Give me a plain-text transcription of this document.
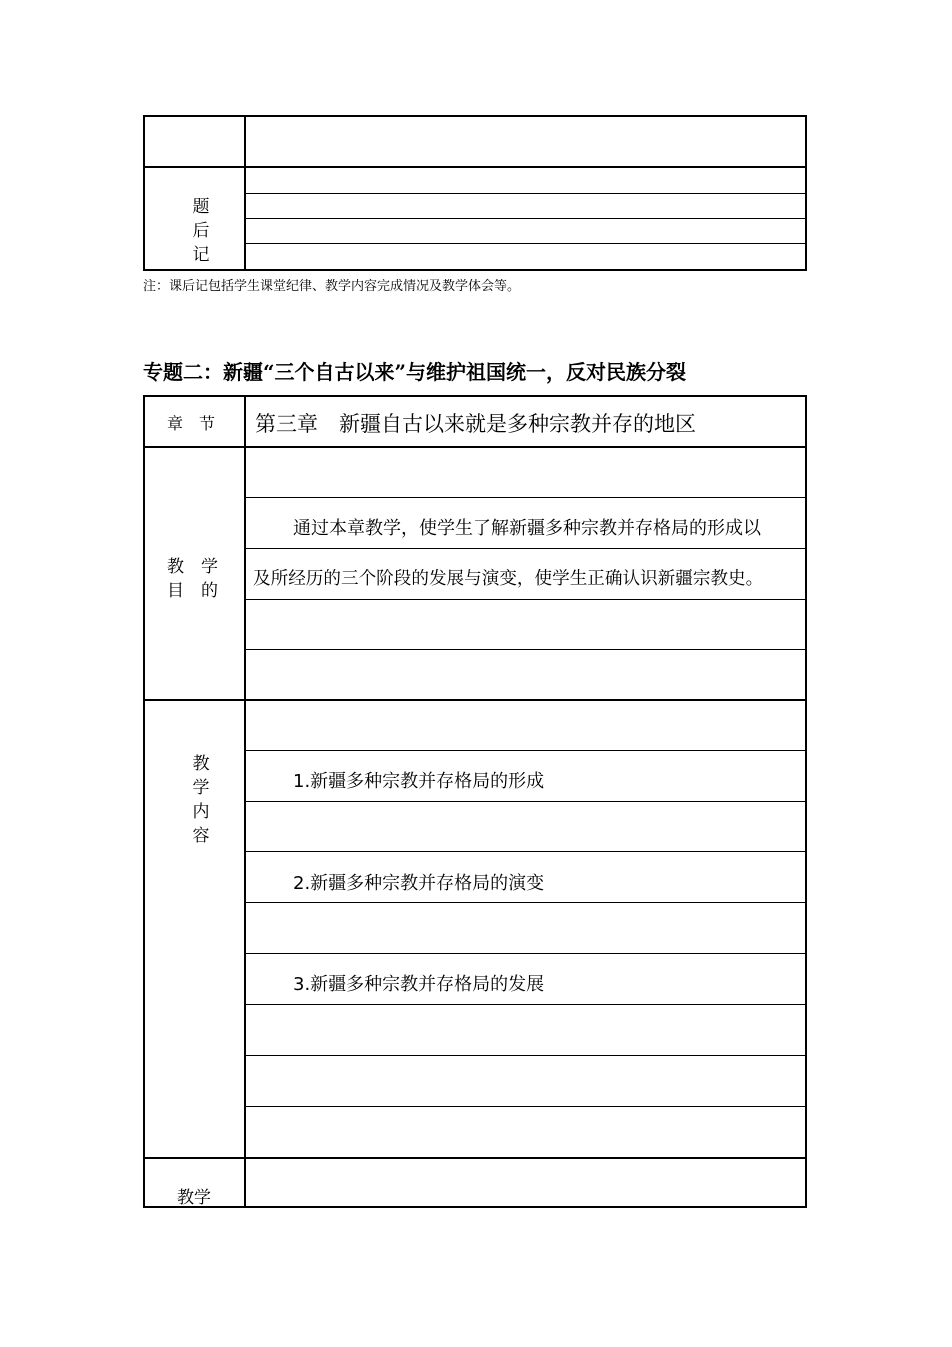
题
后
记
注：课后记包括学生课堂纪律、教学内容完成情况及教学体会等。
专题二：新疆“三个自古以来”与维护祖国统一，反对民族分裂
章　节 第三章　新疆自古以来就是多种宗教并存的地区
教　学
目　的
通过本章教学，使学生了解新疆多种宗教并存格局的形成以
及所经历的三个阶段的发展与演变，使学生正确认识新疆宗教史。
教
学
内
容
1.新疆多种宗教并存格局的形成
2.新疆多种宗教并存格局的演变
3.新疆多种宗教并存格局的发展
教学
